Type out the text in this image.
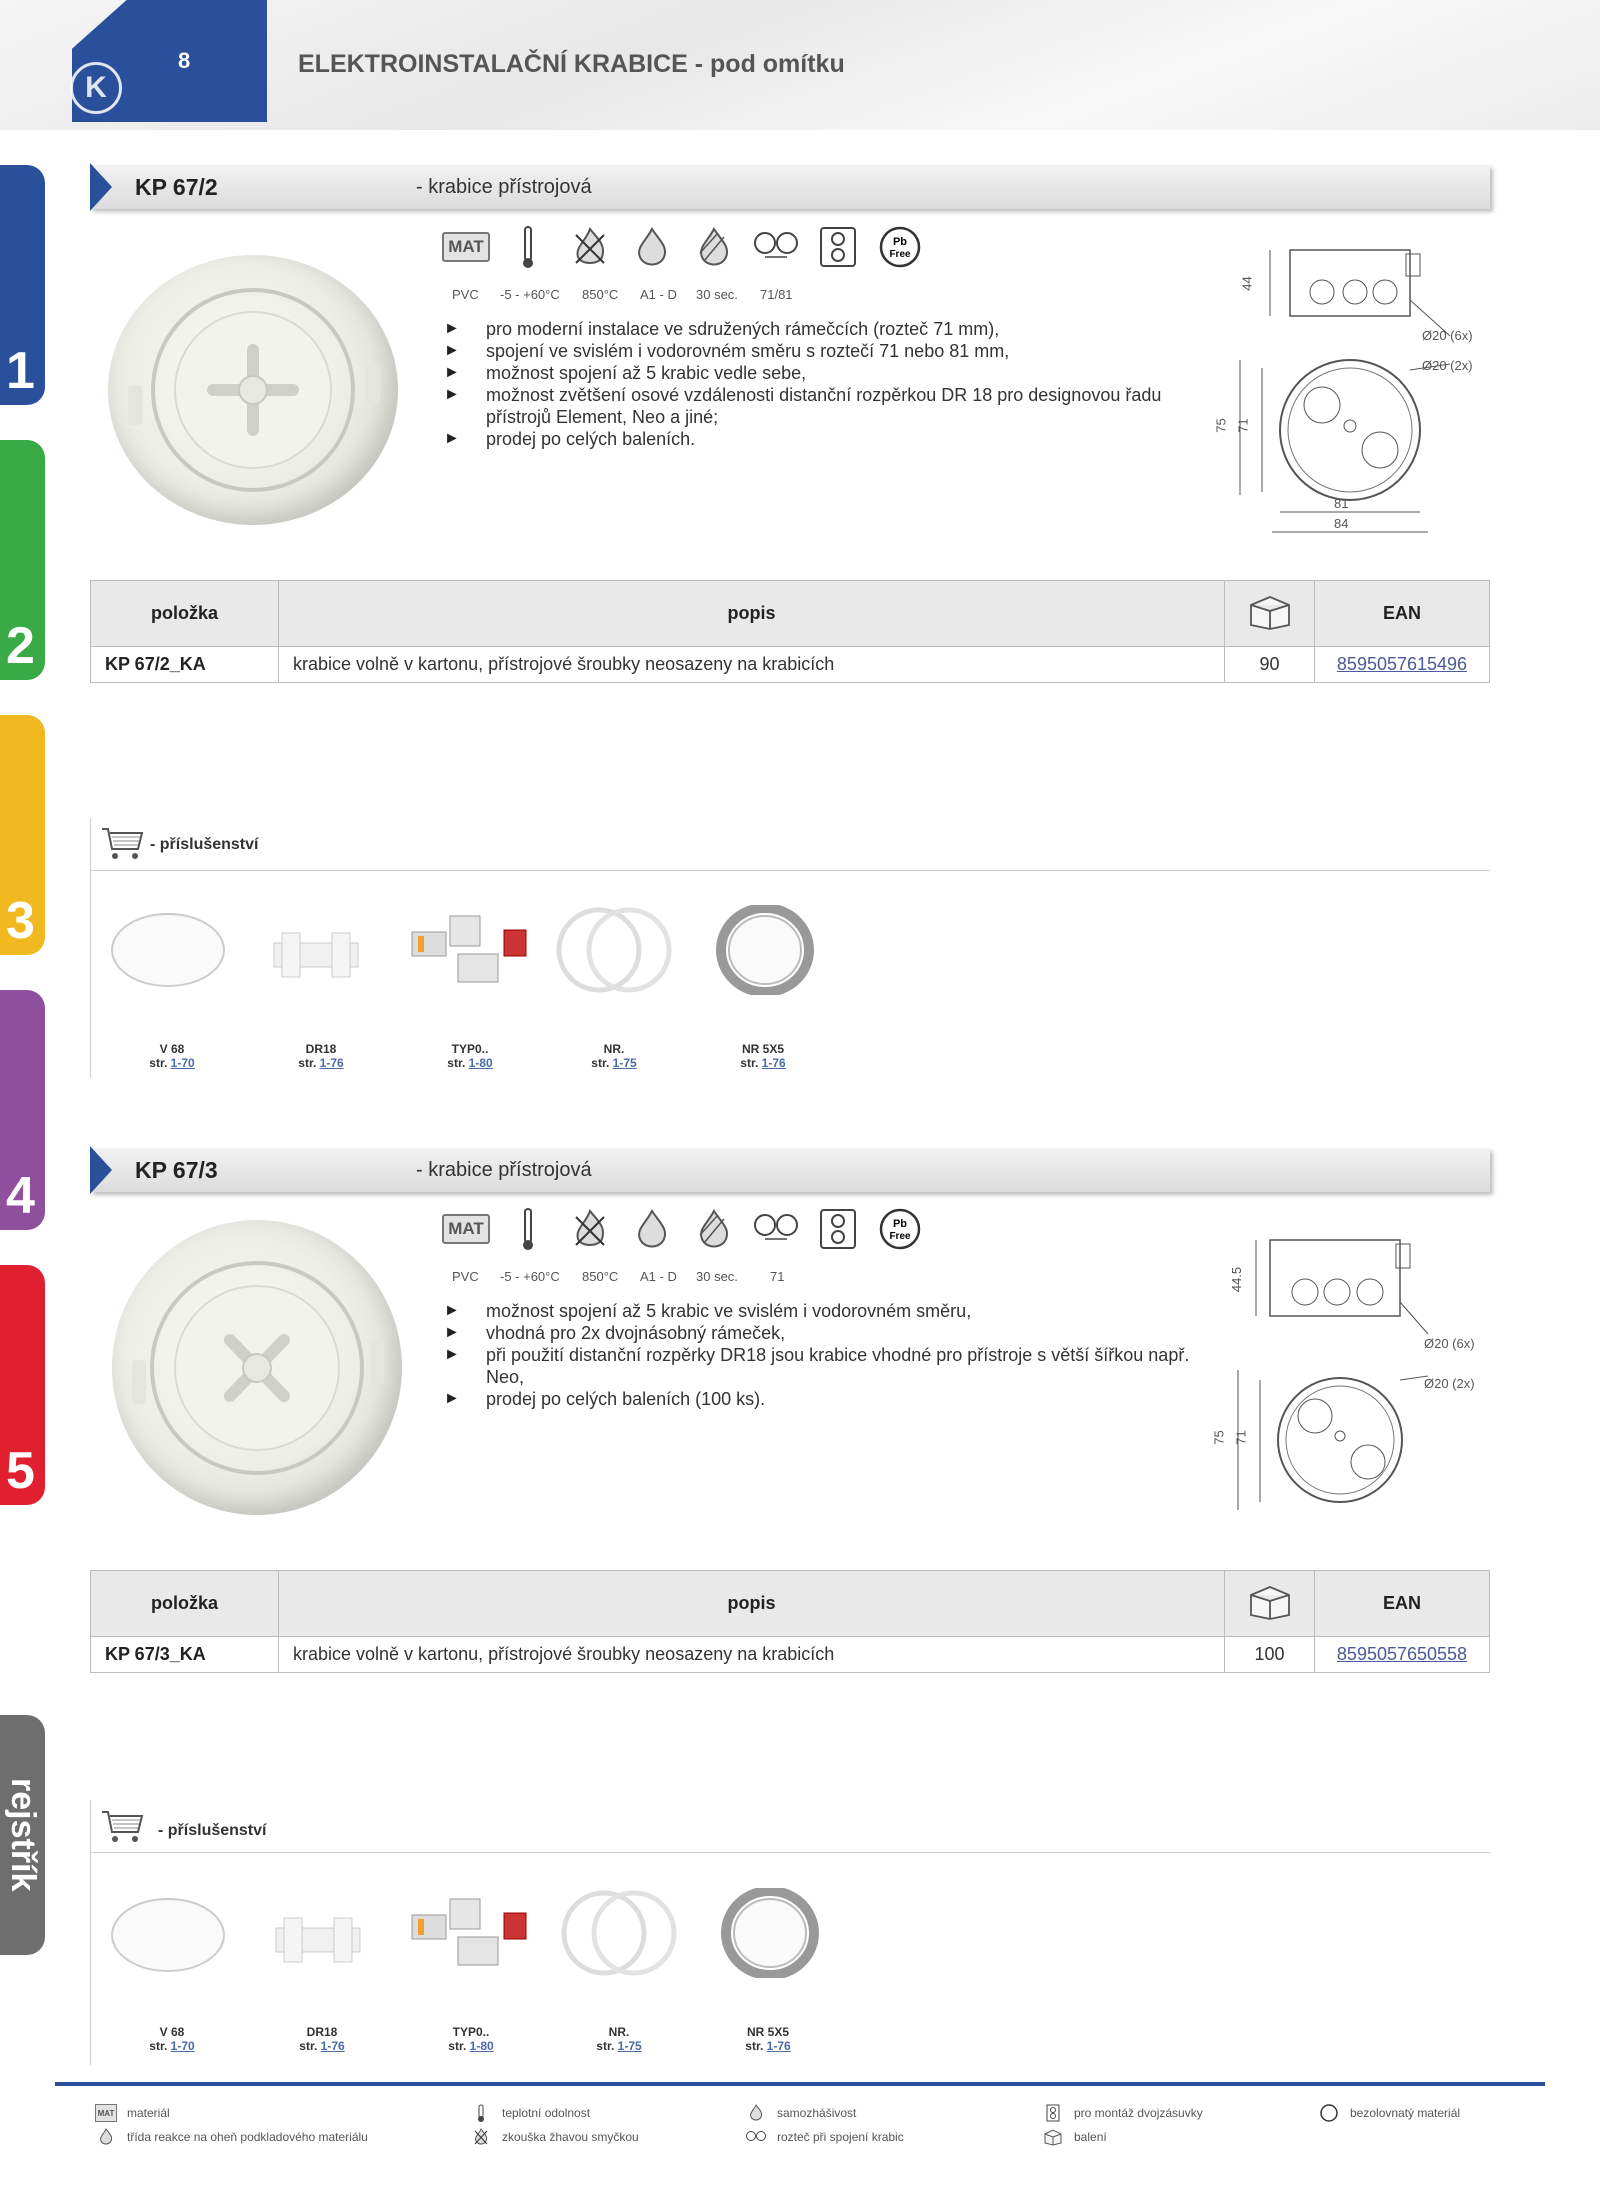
K
8	ELEKTROINSTALAČNÍ KRABICE - pod omítku
1
2
3
4
5
rejstřík
KP 67/2	- krabice přístrojová
MAT	Pb
Free
PVC -5 - +60°C 850°C A1 - D 30 sec. 71/81
► pro moderní instalace ve sdružených rámečcích (rozteč 71 mm),
► spojení ve svislém i vodorovném směru s roztečí 71 nebo 81 mm,
► možnost spojení až 5 krabic vedle sebe,
► možnost zvětšení osové vzdálenosti distanční rozpěrkou DR 18 pro designovou řadu přístrojů Element, Neo a jiné;
► prodej po celých baleních.
44
75 71
81
84
Ø20 (6x)
Ø20 (2x)
položka	popis		EAN
KP 67/2_KA	krabice volně v kartonu, přístrojové šroubky neosazeny na krabicích	90	8595057615496
- příslušenství
V 68
str. 1-70
DR18
str. 1-76
TYP0..
str. 1-80
NR.
str. 1-75
NR 5X5
str. 1-76
KP 67/3	- krabice přístrojová
MAT	Pb
Free
PVC -5 - +60°C 850°C A1 - D 30 sec. 71
► možnost spojení až 5 krabic ve svislém i vodorovném směru,
► vhodná pro 2x dvojnásobný rámeček,
► při použití distanční rozpěrky DR18 jsou krabice vhodné pro přístroje s větší šířkou např. Neo,
► prodej po celých baleních (100 ks).
44.5
75 71
Ø20 (6x)
Ø20 (2x)
položka	popis		EAN
KP 67/3_KA	krabice volně v kartonu, přístrojové šroubky neosazeny na krabicích	100	8595057650558
- příslušenství
V 68
str. 1-70
DR18
str. 1-76
TYP0..
str. 1-80
NR.
str. 1-75
NR 5X5
str. 1-76
MAT materiál	teplotní odolnost	samozhášivost	pro montáž dvojzásuvky	bezolovnatý materiál
třída reakce na oheň podkladového materiálu	zkouška žhavou smyčkou	rozteč při spojení krabic	balení
